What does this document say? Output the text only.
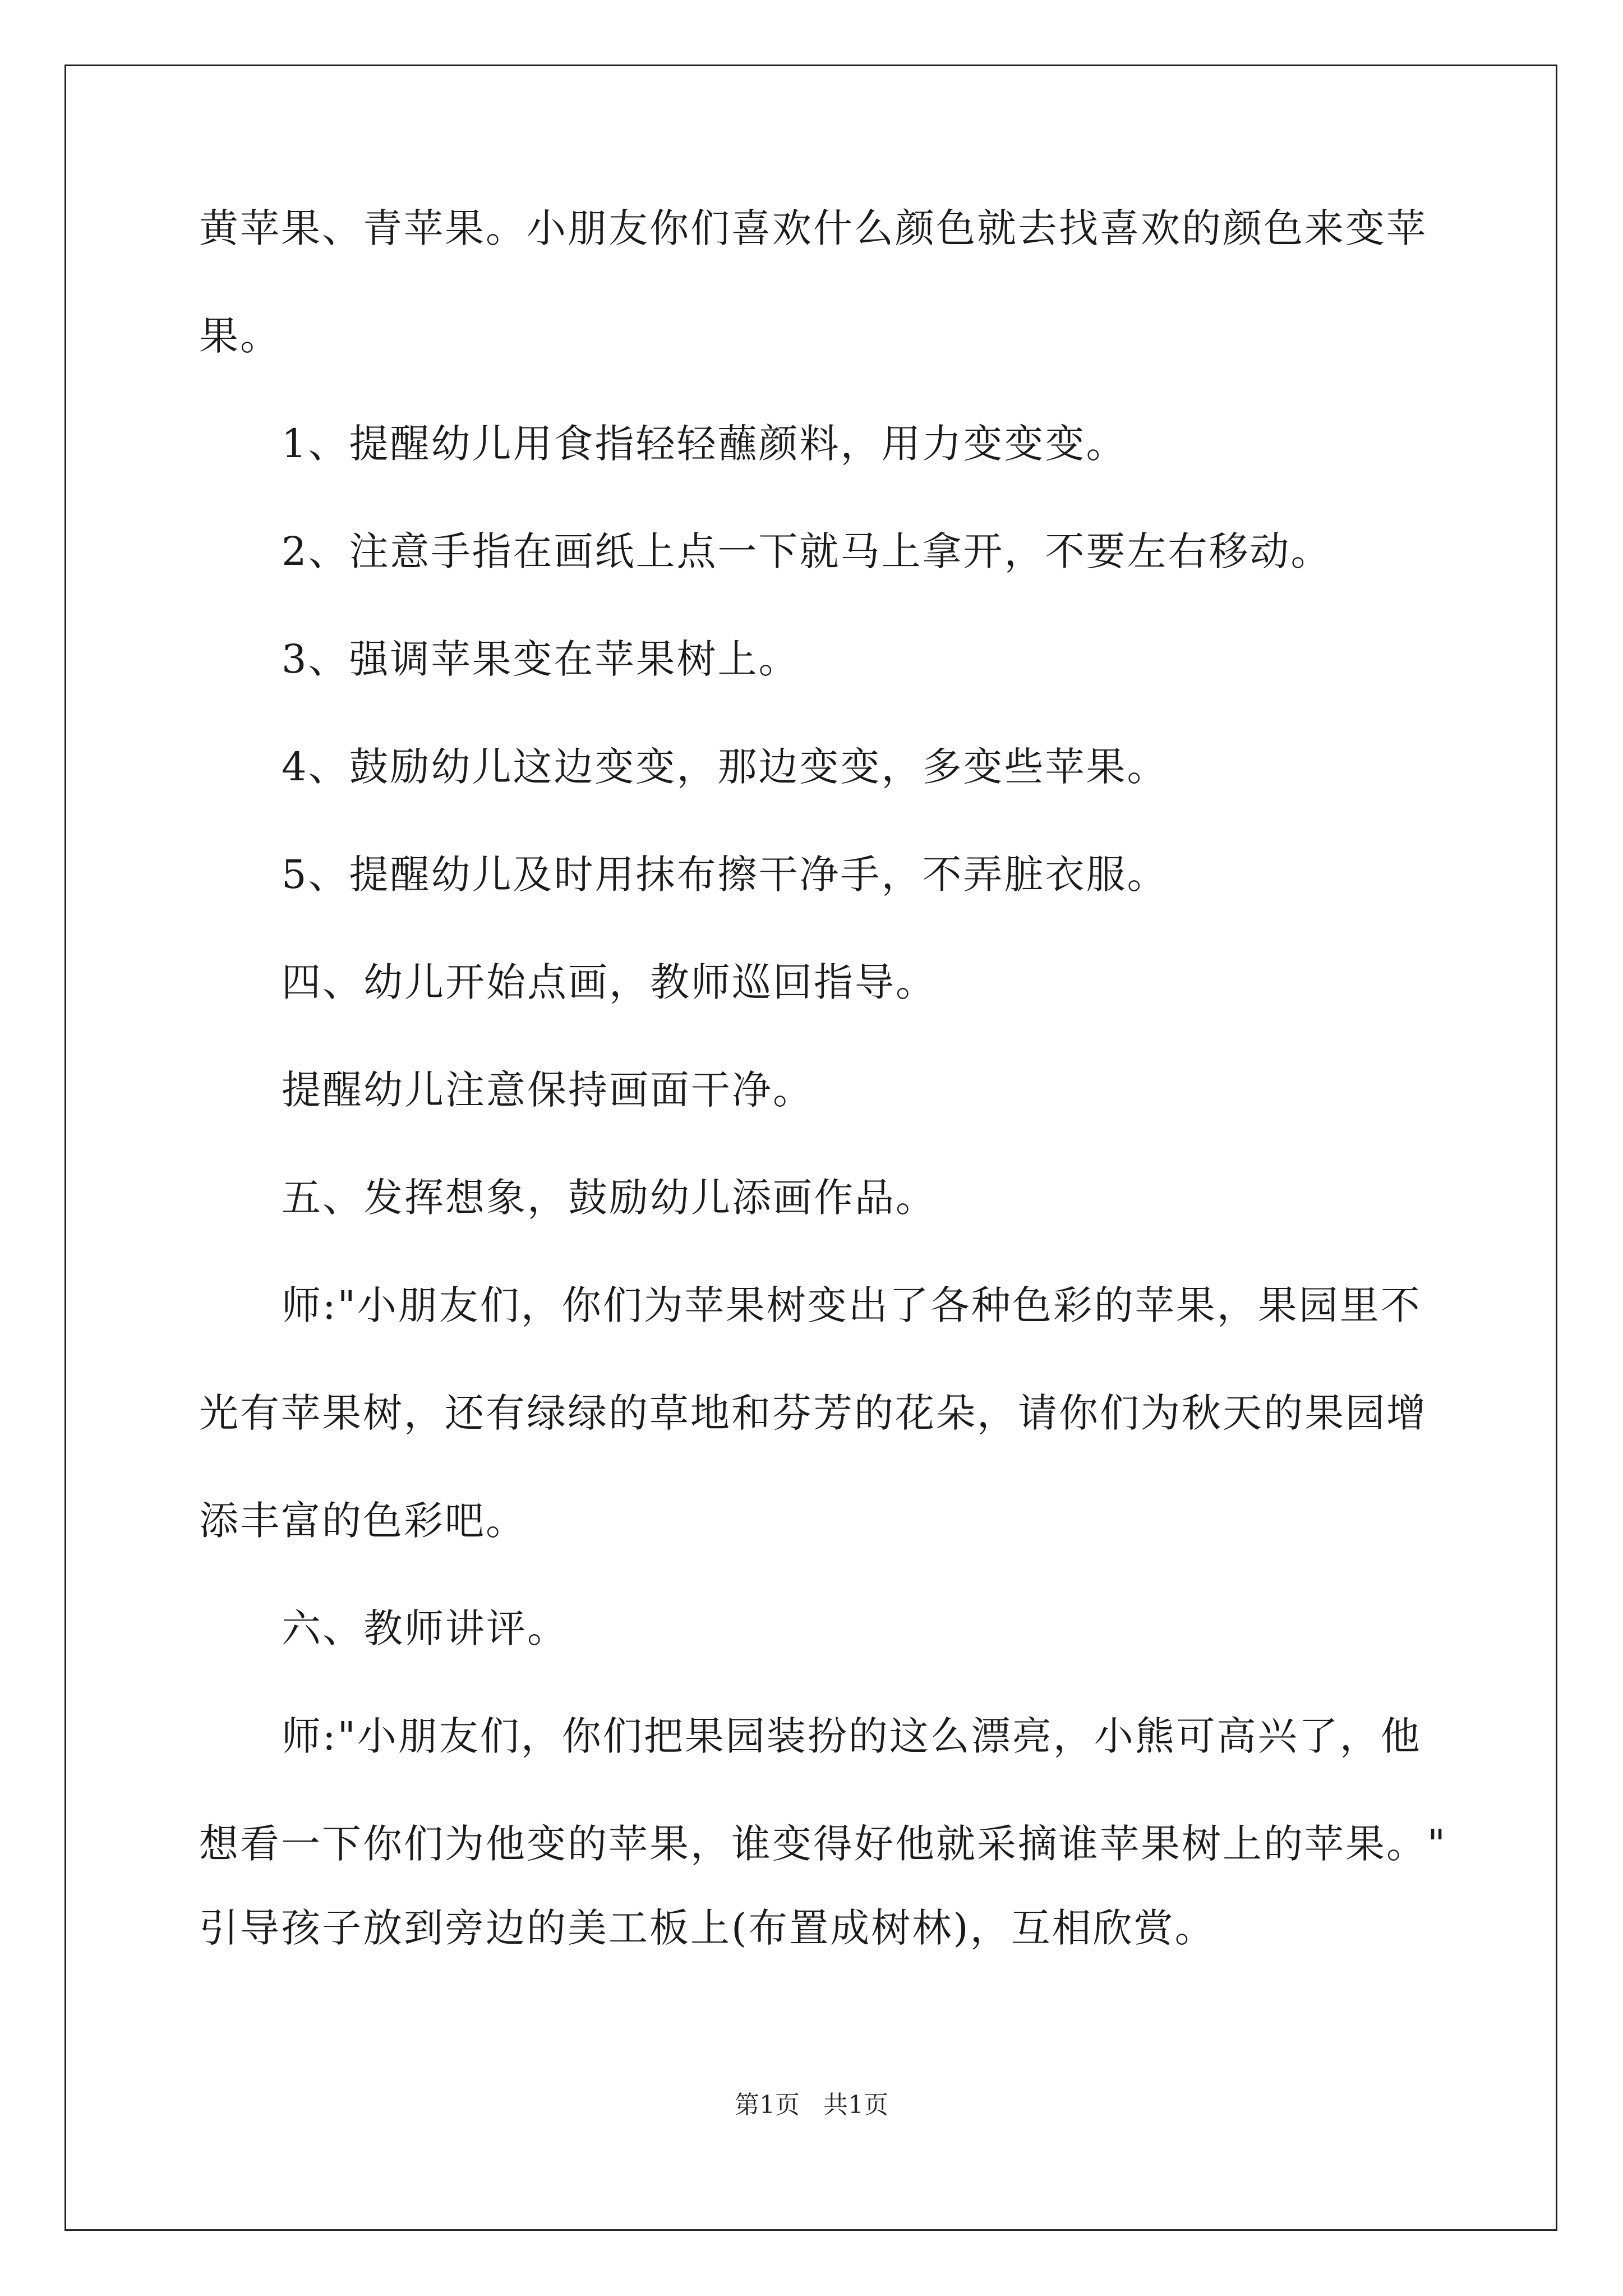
黄苹果、青苹果。小朋友你们喜欢什么颜色就去找喜欢的颜色来变苹
果。
1、提醒幼儿用食指轻轻蘸颜料，用力变变变。
2、注意手指在画纸上点一下就马上拿开，不要左右移动。
3、强调苹果变在苹果树上。
4、鼓励幼儿这边变变，那边变变，多变些苹果。
5、提醒幼儿及时用抹布擦干净手，不弄脏衣服。
四、幼儿开始点画，教师巡回指导。
提醒幼儿注意保持画面干净。
五、发挥想象，鼓励幼儿添画作品。
师:"小朋友们，你们为苹果树变出了各种色彩的苹果，果园里不
光有苹果树，还有绿绿的草地和芬芳的花朵，请你们为秋天的果园增
添丰富的色彩吧。
六、教师讲评。
师:"小朋友们，你们把果园装扮的这么漂亮，小熊可高兴了，他
想看一下你们为他变的苹果，谁变得好他就采摘谁苹果树上的苹果。"
引导孩子放到旁边的美工板上(布置成树林)，互相欣赏。
第1页 共1页
